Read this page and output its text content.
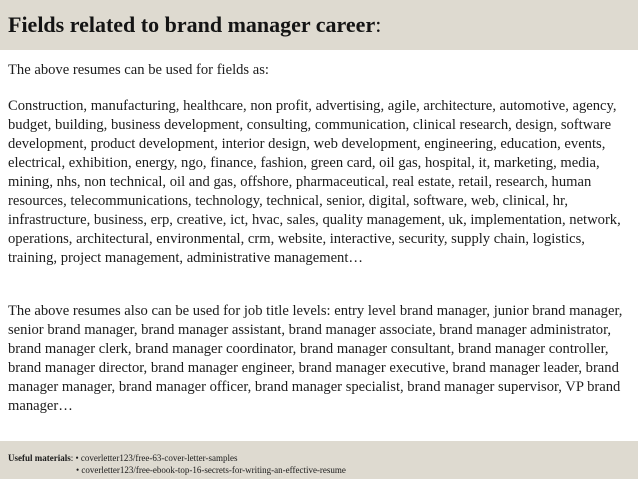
Fields related to brand manager career:

The above resumes can be used for fields as:

Construction, manufacturing, healthcare, non profit, advertising, agile, architecture, automotive, agency, budget, building, business development, consulting, communication, clinical research, design, software development, product development, interior design, web development, engineering, education, events, electrical, exhibition, energy, ngo, finance, fashion, green card, oil gas, hospital, it, marketing, media, mining, nhs, non technical, oil and gas, offshore, pharmaceutical, real estate, retail, research, human resources, telecommunications, technology, technical, senior, digital, software, web, clinical, hr, infrastructure, business, erp, creative, ict, hvac, sales, quality management, uk, implementation, network, operations, architectural, environmental, crm, website, interactive, security, supply chain, logistics, training, project management, administrative management…

The above resumes also can be used for job title levels: entry level brand manager, junior brand manager, senior brand manager, brand manager assistant, brand manager associate, brand manager administrator, brand manager clerk, brand manager coordinator, brand manager consultant, brand manager controller, brand manager director, brand manager engineer, brand manager executive, brand manager leader, brand manager manager, brand manager officer, brand manager specialist, brand manager supervisor, VP brand manager…

Useful materials: • coverletter123/free-63-cover-letter-samples
• coverletter123/free-ebook-top-16-secrets-for-writing-an-effective-resume
